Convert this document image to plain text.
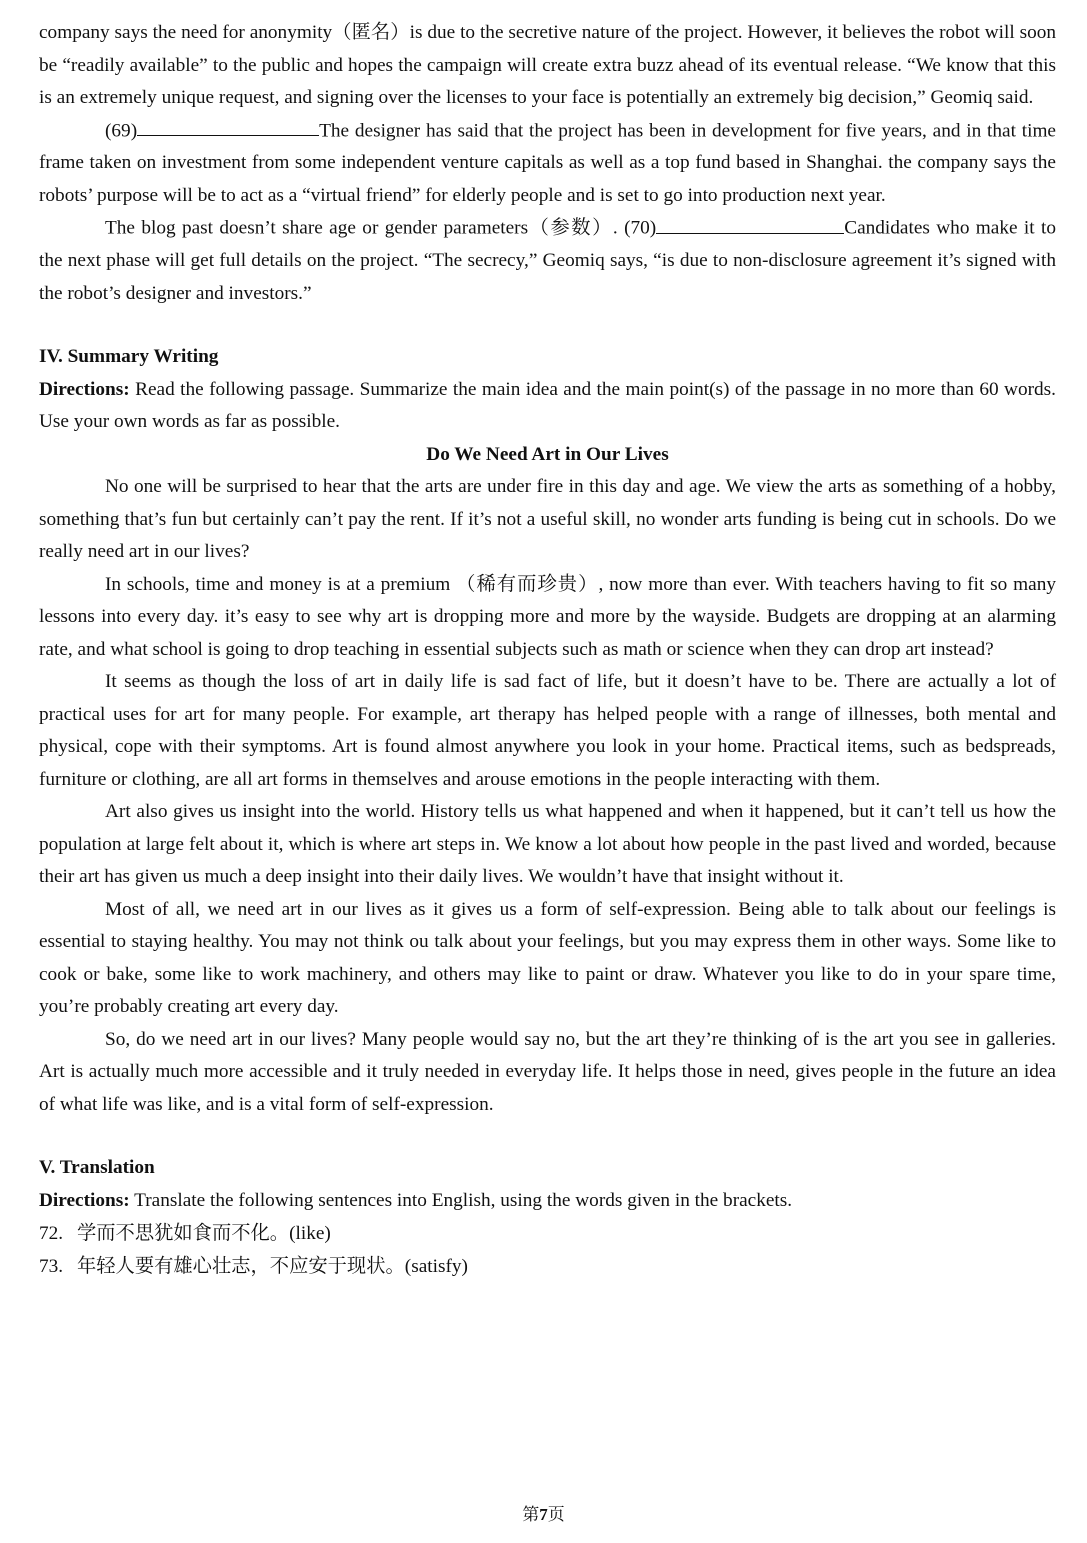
company says the need for anonymity（匿名）is due to the secretive nature of the project. However, it believes the robot will soon be “readily available” to the public and hopes the campaign will create extra buzz ahead of its eventual release. “We know that this is an extremely unique request, and signing over the licenses to your face is potentially an extremely big decision,” Geomiq said.

(69)	The designer has said that the project has been in development for five years, and in that time frame taken on investment from some independent venture capitals as well as a top fund based in Shanghai. the company says the robots’ purpose will be to act as a “virtual friend” for elderly people and is set to go into production next year.

The blog past doesn’t share age or gender parameters（参数）. (70)	Candidates who make it to the next phase will get full details on the project. “The secrecy,” Geomiq says, “is due to non-disclosure agreement it’s signed with the robot’s designer and investors.”

IV. Summary Writing

Directions: Read the following passage. Summarize the main idea and the main point(s) of the passage in no more than 60 words. Use your own words as far as possible.

Do We Need Art in Our Lives

No one will be surprised to hear that the arts are under fire in this day and age. We view the arts as something of a hobby, something that’s fun but certainly can’t pay the rent. If it’s not a useful skill, no wonder arts funding is being cut in schools. Do we really need art in our lives?

In schools, time and money is at a premium （稀有而珍贵）, now more than ever. With teachers having to fit so many lessons into every day. it’s easy to see why art is dropping more and more by the wayside. Budgets are dropping at an alarming rate, and what school is going to drop teaching in essential subjects such as math or science when they can drop art instead?

It seems as though the loss of art in daily life is sad fact of life, but it doesn’t have to be. There are actually a lot of practical uses for art for many people. For example, art therapy has helped people with a range of illnesses, both mental and physical, cope with their symptoms. Art is found almost anywhere you look in your home. Practical items, such as bedspreads, furniture or clothing, are all art forms in themselves and arouse emotions in the people interacting with them.

Art also gives us insight into the world. History tells us what happened and when it happened, but it can’t tell us how the population at large felt about it, which is where art steps in. We know a lot about how people in the past lived and worded, because their art has given us much a deep insight into their daily lives. We wouldn’t have that insight without it.

Most of all, we need art in our lives as it gives us a form of self-expression. Being able to talk about our feelings is essential to staying healthy. You may not think ou talk about your feelings, but you may express them in other ways. Some like to cook or bake, some like to work machinery, and others may like to paint or draw. Whatever you like to do in your spare time, you’re probably creating art every day.

So, do we need art in our lives? Many people would say no, but the art they’re thinking of is the art you see in galleries. Art is actually much more accessible and it truly needed in everyday life. It helps those in need, gives people in the future an idea of what life was like, and is a vital form of self-expression.

V. Translation

Directions: Translate the following sentences into English, using the words given in the brackets.

72. 学而不思犹如食而不化。(like)
73. 年轻人要有雄心壮志，不应安于现状。(satisfy)
第7页
